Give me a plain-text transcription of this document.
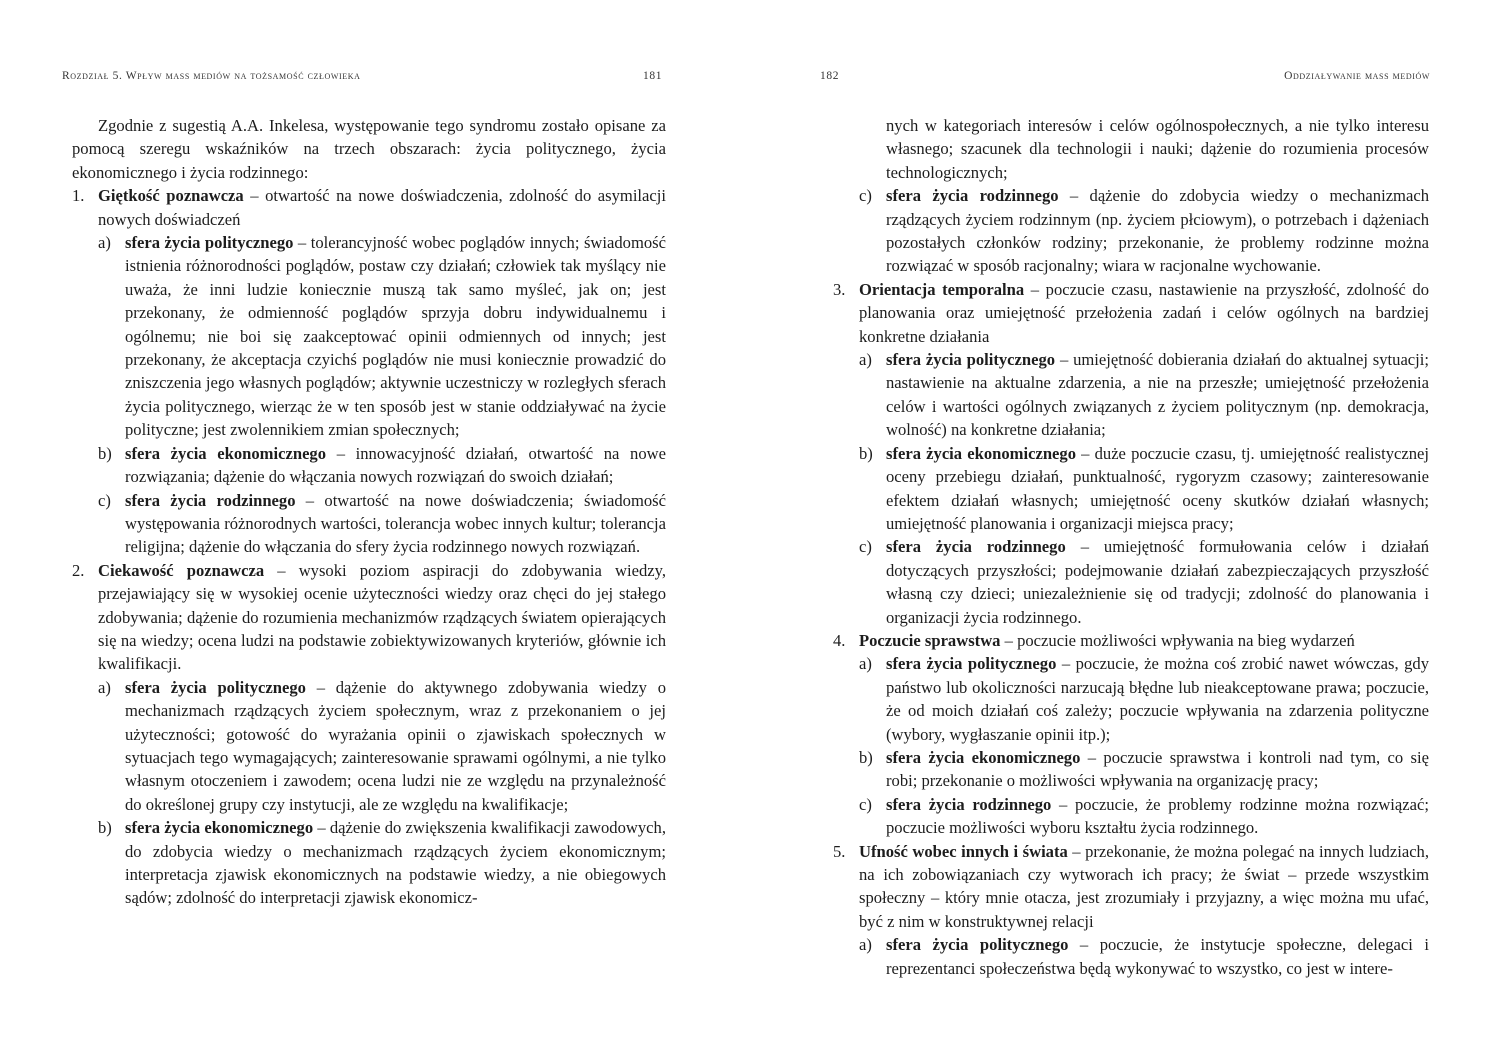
Rozdział 5. Wpływ mass mediów na tożsamość człowieka	181
Zgodnie z sugestią A.A. Inkelesa, występowanie tego syndromu zostało opisane za pomocą szeregu wskaźników na trzech obszarach: życia politycznego, życia ekonomicznego i życia rodzinnego:
1. Giętkość poznawcza – otwartość na nowe doświadczenia, zdolność do asymilacji nowych doświadczeń
a) sfera życia politycznego – tolerancyjność wobec poglądów innych; świadomość istnienia różnorodności poglądów, postaw czy działań; człowiek tak myślący nie uważa, że inni ludzie koniecznie muszą tak samo myśleć, jak on; jest przekonany, że odmienność poglądów sprzyja dobru indywidualnemu i ogólnemu; nie boi się zaakceptować opinii odmiennych od innych; jest przekonany, że akceptacja czyichś poglądów nie musi koniecznie prowadzić do zniszczenia jego własnych poglądów; aktywnie uczestniczy w rozległych sferach życia politycznego, wierząc że w ten sposób jest w stanie oddziaływać na życie polityczne; jest zwolennikiem zmian społecznych;
b) sfera życia ekonomicznego – innowacyjność działań, otwartość na nowe rozwiązania; dążenie do włączania nowych rozwiązań do swoich działań;
c) sfera życia rodzinnego – otwartość na nowe doświadczenia; świadomość występowania różnorodnych wartości, tolerancja wobec innych kultur; tolerancja religijna; dążenie do włączania do sfery życia rodzinnego nowych rozwiązań.
2. Ciekawość poznawcza – wysoki poziom aspiracji do zdobywania wiedzy, przejawiający się w wysokiej ocenie użyteczności wiedzy oraz chęci do jej stałego zdobywania; dążenie do rozumienia mechanizmów rządzących światem opierających się na wiedzy; ocena ludzi na podstawie zobiektywizowanych kryteriów, głównie ich kwalifikacji.
a) sfera życia politycznego – dążenie do aktywnego zdobywania wiedzy o mechanizmach rządzących życiem społecznym, wraz z przekonaniem o jej użyteczności; gotowość do wyrażania opinii o zjawiskach społecznych w sytuacjach tego wymagających; zainteresowanie sprawami ogólnymi, a nie tylko własnym otoczeniem i zawodem; ocena ludzi nie ze względu na przynależność do określonej grupy czy instytucji, ale ze względu na kwalifikacje;
b) sfera życia ekonomicznego – dążenie do zwiększenia kwalifikacji zawodowych, do zdobycia wiedzy o mechanizmach rządzących życiem ekonomicznym; interpretacja zjawisk ekonomicznych na podstawie wiedzy, a nie obiegowych sądów; zdolność do interpretacji zjawisk ekonomicz-
182	Oddziaływanie mass mediów
nych w kategoriach interesów i celów ogólnospołecznych, a nie tylko interesu własnego; szacunek dla technologii i nauki; dążenie do rozumienia procesów technologicznych;
c) sfera życia rodzinnego – dążenie do zdobycia wiedzy o mechanizmach rządzących życiem rodzinnym (np. życiem płciowym), o potrzebach i dążeniach pozostałych członków rodziny; przekonanie, że problemy rodzinne można rozwiązać w sposób racjonalny; wiara w racjonalne wychowanie.
3. Orientacja temporalna – poczucie czasu, nastawienie na przyszłość, zdolność do planowania oraz umiejętność przełożenia zadań i celów ogólnych na bardziej konkretne działania
a) sfera życia politycznego – umiejętność dobierania działań do aktualnej sytuacji; nastawienie na aktualne zdarzenia, a nie na przeszłe; umiejętność przełożenia celów i wartości ogólnych związanych z życiem politycznym (np. demokracja, wolność) na konkretne działania;
b) sfera życia ekonomicznego – duże poczucie czasu, tj. umiejętność realistycznej oceny przebiegu działań, punktualność, rygoryzm czasowy; zainteresowanie efektem działań własnych; umiejętność oceny skutków działań własnych; umiejętność planowania i organizacji miejsca pracy;
c) sfera życia rodzinnego – umiejętność formułowania celów i działań dotyczących przyszłości; podejmowanie działań zabezpieczających przyszłość własną czy dzieci; uniezależnienie się od tradycji; zdolność do planowania i organizacji życia rodzinnego.
4. Poczucie sprawstwa – poczucie możliwości wpływania na bieg wydarzeń
a) sfera życia politycznego – poczucie, że można coś zrobić nawet wówczas, gdy państwo lub okoliczności narzucają błędne lub nieakceptowane prawa; poczucie, że od moich działań coś zależy; poczucie wpływania na zdarzenia polityczne (wybory, wygłaszanie opinii itp.);
b) sfera życia ekonomicznego – poczucie sprawstwa i kontroli nad tym, co się robi; przekonanie o możliwości wpływania na organizację pracy;
c) sfera życia rodzinnego – poczucie, że problemy rodzinne można rozwiązać; poczucie możliwości wyboru kształtu życia rodzinnego.
5. Ufność wobec innych i świata – przekonanie, że można polegać na innych ludziach, na ich zobowiązaniach czy wytworach ich pracy; że świat – przede wszystkim społeczny – który mnie otacza, jest zrozumiały i przyjazny, a więc można mu ufać, być z nim w konstruktywnej relacji
a) sfera życia politycznego – poczucie, że instytucje społeczne, delegaci i reprezentanci społeczeństwa będą wykonywać to wszystko, co jest w intere-
